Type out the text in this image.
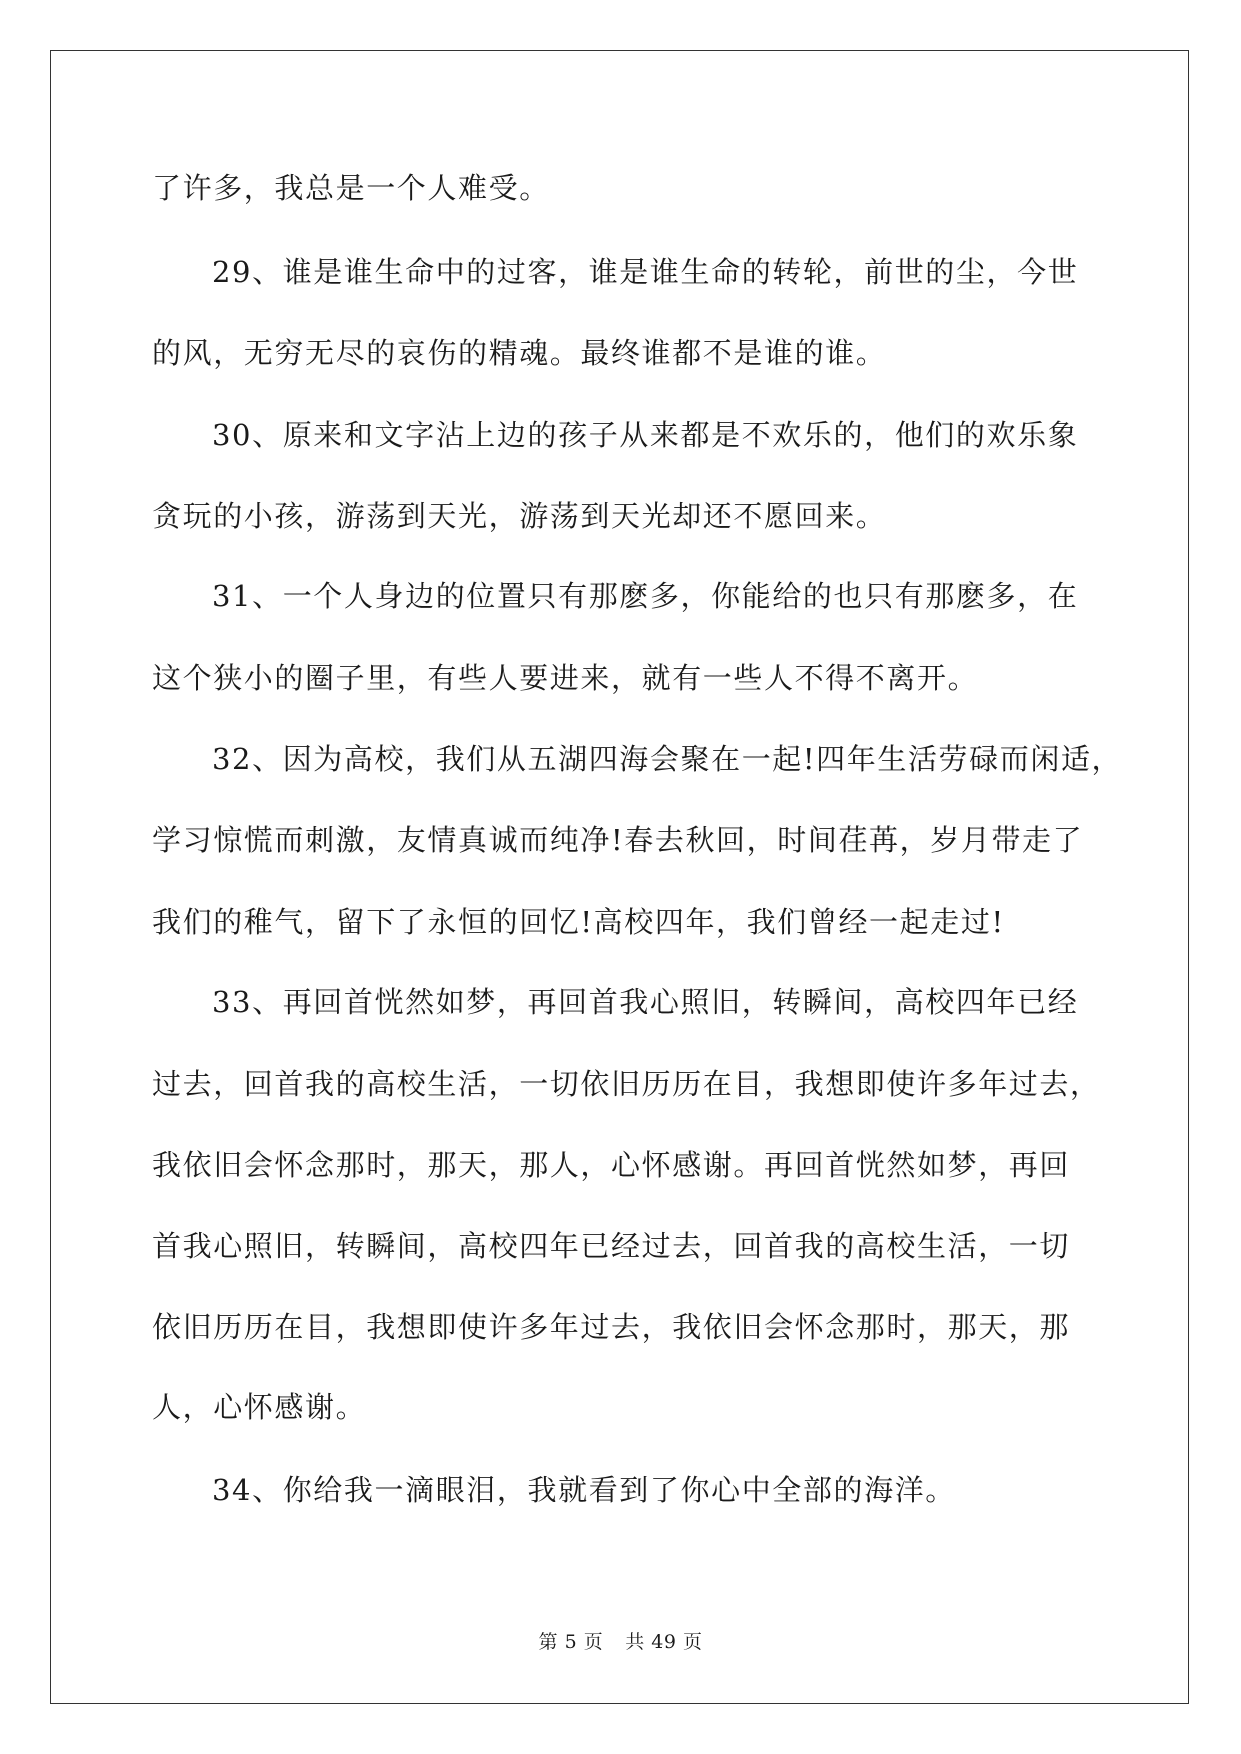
了许多，我总是一个人难受。
29、谁是谁生命中的过客，谁是谁生命的转轮，前世的尘，今世
的风，无穷无尽的哀伤的精魂。最终谁都不是谁的谁。
30、原来和文字沾上边的孩子从来都是不欢乐的，他们的欢乐象
贪玩的小孩，游荡到天光，游荡到天光却还不愿回来。
31、一个人身边的位置只有那麽多，你能给的也只有那麽多，在
这个狭小的圈子里，有些人要进来，就有一些人不得不离开。
32、因为高校，我们从五湖四海会聚在一起!四年生活劳碌而闲适，
学习惊慌而刺激，友情真诚而纯净!春去秋回，时间荏苒，岁月带走了
我们的稚气，留下了永恒的回忆!高校四年，我们曾经一起走过!
33、再回首恍然如梦，再回首我心照旧，转瞬间，高校四年已经
过去，回首我的高校生活，一切依旧历历在目，我想即使许多年过去，
我依旧会怀念那时，那天，那人，心怀感谢。再回首恍然如梦，再回
首我心照旧，转瞬间，高校四年已经过去，回首我的高校生活，一切
依旧历历在目，我想即使许多年过去，我依旧会怀念那时，那天，那
人，心怀感谢。
34、你给我一滴眼泪，我就看到了你心中全部的海洋。
第 5 页 共 49 页
